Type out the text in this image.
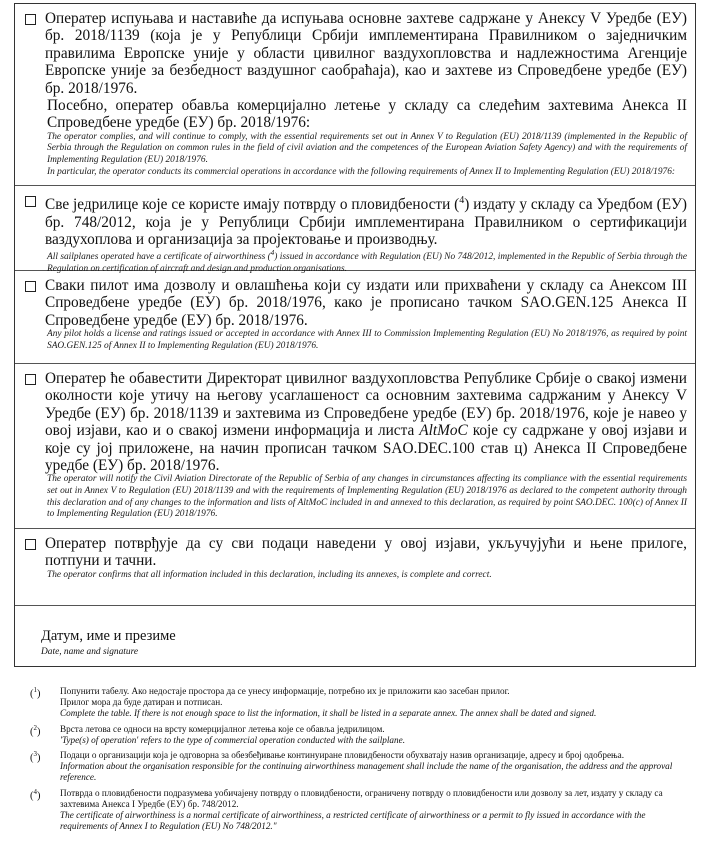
Оператер испуњава и наставиће да испуњава основне захтеве садржане у Анексу V Уредбе (ЕУ) бр. 2018/1139 (која је у Републици Србији имплементирана Правилником о заједничким правилима Европске уније у области цивилног ваздухопловства и надлежностима Агенције Европске уније за безбедност ваздушног саобраћаја), као и захтеве из Спроведбене уредбе (ЕУ) бр. 2018/1976.
Посебно, оператер обавља комерцијално летење у складу са следећим захтевима Анекса II Спроведбене уредбе (ЕУ) бр. 2018/1976:
The operator complies, and will continue to comply, with the essential requirements set out in Annex V to Regulation (EU) 2018/1139 (implemented in the Republic of Serbia through the Regulation on common rules in the field of civil aviation and the competences of the European Aviation Safety Agency) and with the requirements of Implementing Regulation (EU) 2018/1976.
In particular, the operator conducts its commercial operations in accordance with the following requirements of Annex II to Implementing Regulation (EU) 2018/1976:
Све једрилице које се користе имају потврду о пловидбености ($^4$) издату у складу са Уредбом (ЕУ) бр. 748/2012, која је у Републици Србији имплементирана Правилником о сертификацији ваздухоплова и организација за пројектовање и производњу.
All sailplanes operated have a certificate of airworthiness ($^4$) issued in accordance with Regulation (EU) No 748/2012, implemented in the Republic of Serbia through the Regulation on certification of aircraft and design and production organisations.
Сваки пилот има дозволу и овлашћења који су издати или прихваћени у складу са Анексом III Спроведбене уредбе (ЕУ) бр. 2018/1976, како је прописано тачком SAO.GEN.125 Анекса II Спроведбене уредбе (ЕУ) бр. 2018/1976.
Any pilot holds a license and ratings issued or accepted in accordance with Annex III to Commission Implementing Regulation (EU) No 2018/1976, as required by point SAO.GEN.125 of Annex II to Implementing Regulation (EU) 2018/1976.
Оператер ће обавестити Директорат цивилног ваздухопловства Републике Србије о свакој измени околности које утичу на његову усаглашеност са основним захтевима садржаним у Анексу V Уредбе (ЕУ) бр. 2018/1139 и захтевима из Спроведбене уредбе (ЕУ) бр. 2018/1976, које је навео у овој изјави, као и о свакој измени информација и листа AltMoC које су садржане у овој изјави и које су јој приложене, на начин прописан тачком SAO.DEC.100 став ц) Анекса II Спроведбене уредбе (ЕУ) бр. 2018/1976.
The operator will notify the Civil Aviation Directorate of the Republic of Serbia of any changes in circumstances affecting its compliance with the essential requirements set out in Annex V to Regulation (EU) 2018/1139 and with the requirements of Implementing Regulation (EU) 2018/1976 as declared to the competent authority through this declaration and of any changes to the information and lists of AltMoC included in and annexed to this declaration, as required by point SAO.DEC. 100(c) of Annex II to Implementing Regulation (EU) 2018/1976.
Оператер потврђује да су сви подаци наведени у овој изјави, укључујући и њене прилоге, потпуни и тачни.
The operator confirms that all information included in this declaration, including its annexes, is complete and correct.
Датум, име и презиме
Date, name and signature
($^1$) Попунити табелу. Ако недостаје простора да се унесу информације, потребно их је приложити као засебан прилог.
Прилог мора да буде датиран и потписан.
Complete the table. If there is not enough space to list the information, it shall be listed in a separate annex. The annex shall be dated and signed.
($^2$) Врста летова се односи на врсту комерцијалног летења које се обавља једрилицом.
'Type(s) of operation' refers to the type of commercial operation conducted with the sailplane.
($^3$) Подаци о организацији која је одговорна за обезбеђивање континуиране пловидбености обухватају назив организације, адресу и број одобрења.
Information about the organisation responsible for the continuing airworthiness management shall include the name of the organisation, the address and the approval reference.
($^4$) Потврда о пловидбености подразумева уобичајену потврду о пловидбености, ограничену потврду о пловидбености или дозволу за лет, издату у складу са захтевима Анекса I Уредбе (ЕУ) бр. 748/2012.
The certificate of airworthiness is a normal certificate of airworthiness, a restricted certificate of airworthiness or a permit to fly issued in accordance with the requirements of Annex I to Regulation (EU) No 748/2012."
